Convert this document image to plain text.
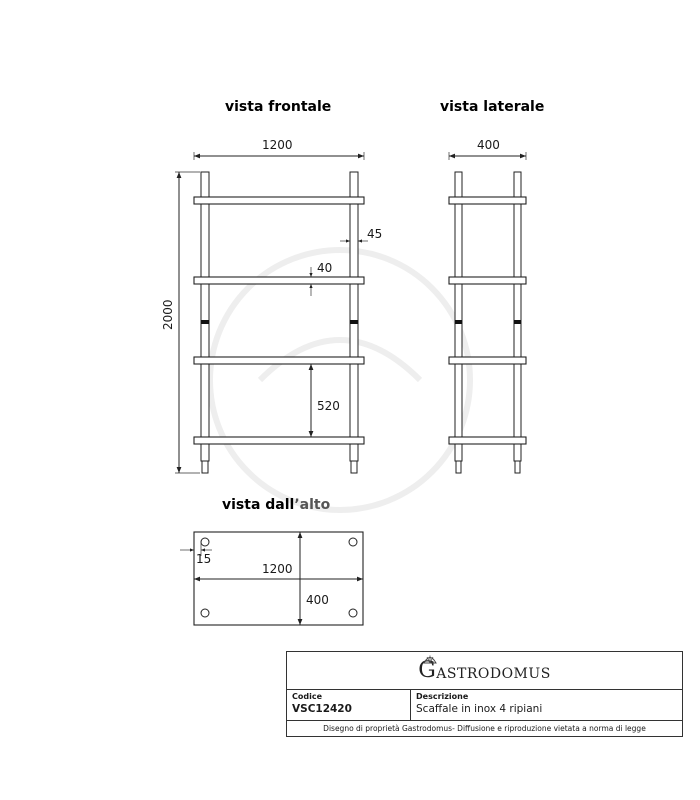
vista frontale
1200
2000
45
40
520
vista laterale
400
vista dall’alto
1200
400
15
G ASTRODOMUS
Codice
VSC12420
Descrizione
Scaffale in inox 4 ripiani
Disegno di proprietà Gastrodomus- Diffusione e riproduzione vietata a norma di legge
